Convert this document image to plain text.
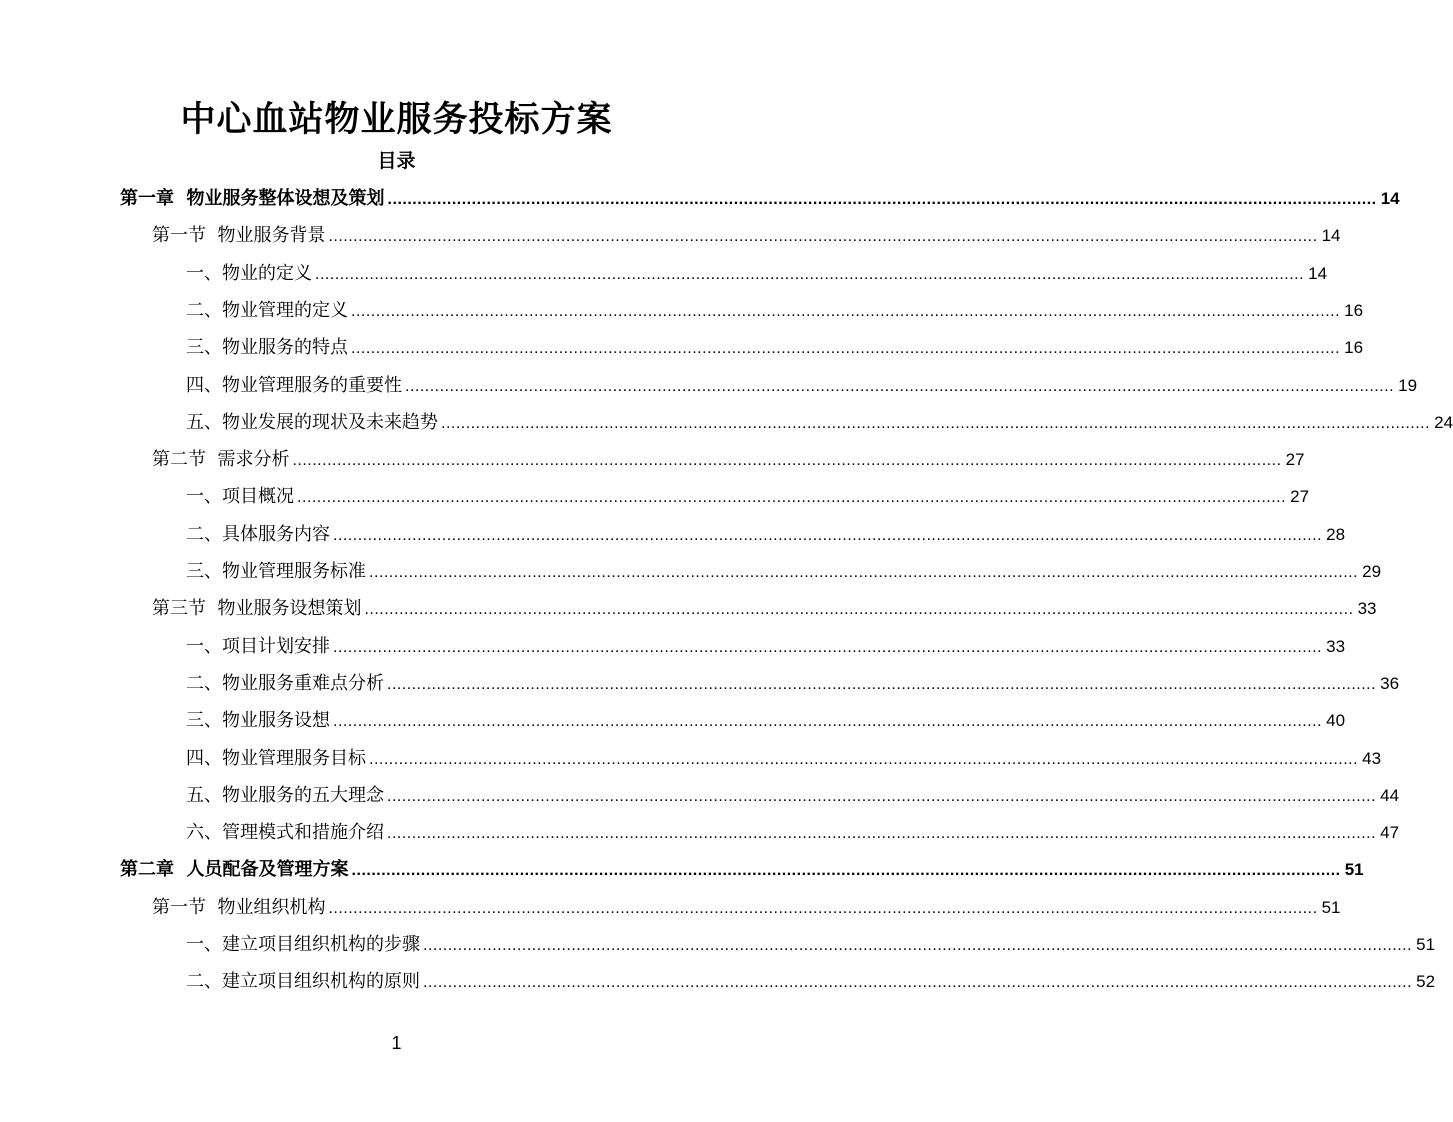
中心血站物业服务投标方案
目录
第一章  物业服务整体设想及策划 ........................................................................................................................................................................................................ 14
第一节  物业服务背景 ........................................................................................................................................................................................................ 14
一、物业的定义 ........................................................................................................................................................................................................ 14
二、物业管理的定义 ........................................................................................................................................................................................................ 16
三、物业服务的特点 ........................................................................................................................................................................................................ 16
四、物业管理服务的重要性 ........................................................................................................................................................................................................ 19
五、物业发展的现状及未来趋势 ........................................................................................................................................................................................................ 24
第二节  需求分析 ........................................................................................................................................................................................................ 27
一、项目概况 ........................................................................................................................................................................................................ 27
二、具体服务内容 ........................................................................................................................................................................................................ 28
三、物业管理服务标准 ........................................................................................................................................................................................................ 29
第三节  物业服务设想策划 ........................................................................................................................................................................................................ 33
一、项目计划安排 ........................................................................................................................................................................................................ 33
二、物业服务重难点分析 ........................................................................................................................................................................................................ 36
三、物业服务设想 ........................................................................................................................................................................................................ 40
四、物业管理服务目标 ........................................................................................................................................................................................................ 43
五、物业服务的五大理念 ........................................................................................................................................................................................................ 44
六、管理模式和措施介绍 ........................................................................................................................................................................................................ 47
第二章  人员配备及管理方案 ........................................................................................................................................................................................................ 51
第一节  物业组织机构 ........................................................................................................................................................................................................ 51
一、建立项目组织机构的步骤 ........................................................................................................................................................................................................ 51
二、建立项目组织机构的原则 ........................................................................................................................................................................................................ 52
1
